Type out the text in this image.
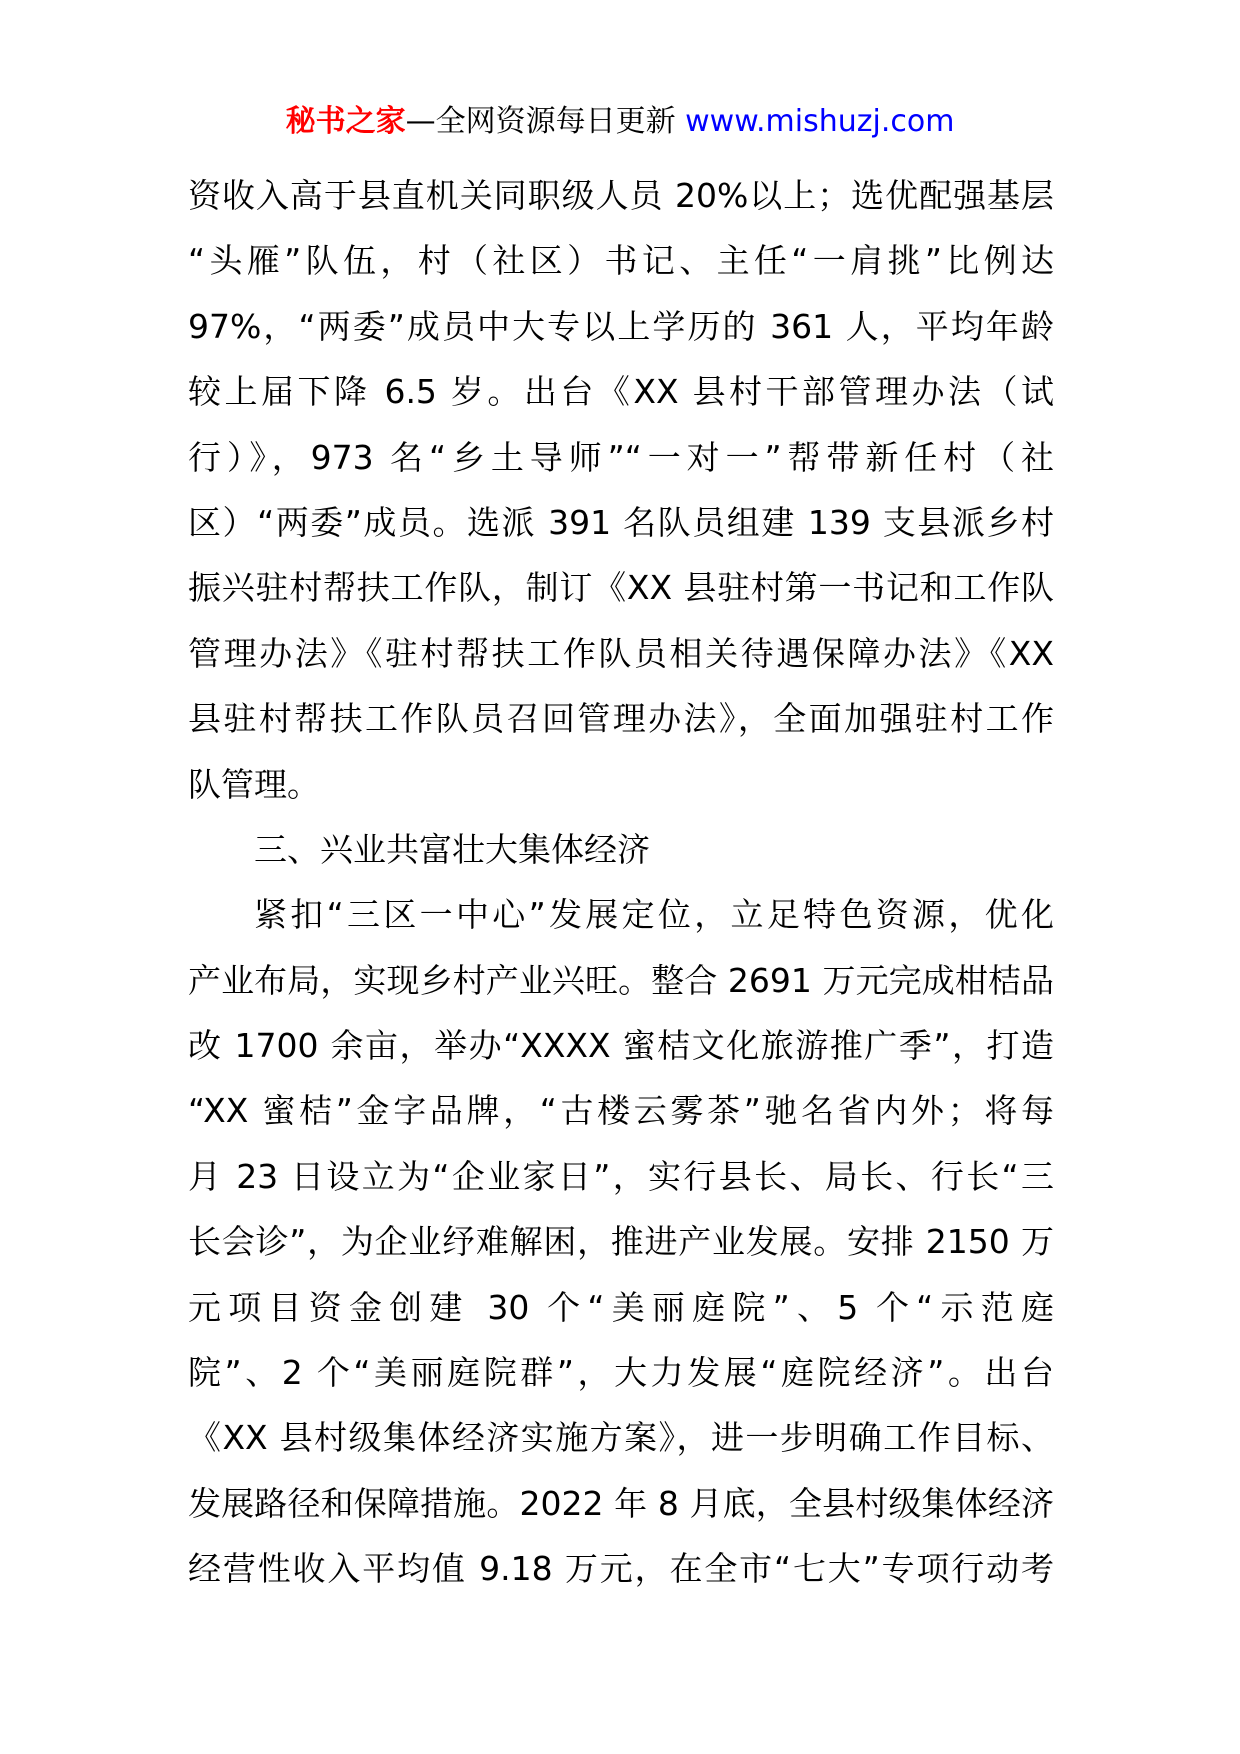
秘书之家—全网资源每日更新 www.mishuzj.com
资收入高于县直机关同职级人员 20%以上；选优配强基层
“头雁”队伍，村（社区）书记、主任“一肩挑”比例达
97%，“两委”成员中大专以上学历的 361 人，平均年龄
较上届下降 6.5 岁。出台《XX 县村干部管理办法（试
行）》，973 名“乡土导师”“一对一”帮带新任村（社
区）“两委”成员。选派 391 名队员组建 139 支县派乡村
振兴驻村帮扶工作队，制订《XX 县驻村第一书记和工作队
管理办法》《驻村帮扶工作队员相关待遇保障办法》《XX
县驻村帮扶工作队员召回管理办法》，全面加强驻村工作
队管理。
三、兴业共富壮大集体经济
紧扣“三区一中心”发展定位，立足特色资源，优化
产业布局，实现乡村产业兴旺。整合 2691 万元完成柑桔品
改 1700 余亩，举办“XXXX 蜜桔文化旅游推广季”，打造
“XX 蜜桔”金字品牌，“古楼云雾茶”驰名省内外；将每
月 23 日设立为“企业家日”，实行县长、局长、行长“三
长会诊”，为企业纾难解困，推进产业发展。安排 2150 万
元项目资金创建 30 个“美丽庭院”、5 个“示范庭
院”、2 个“美丽庭院群”，大力发展“庭院经济”。出台
《XX 县村级集体经济实施方案》，进一步明确工作目标、
发展路径和保障措施。2022 年 8 月底，全县村级集体经济
经营性收入平均值 9.18 万元，在全市“七大”专项行动考
